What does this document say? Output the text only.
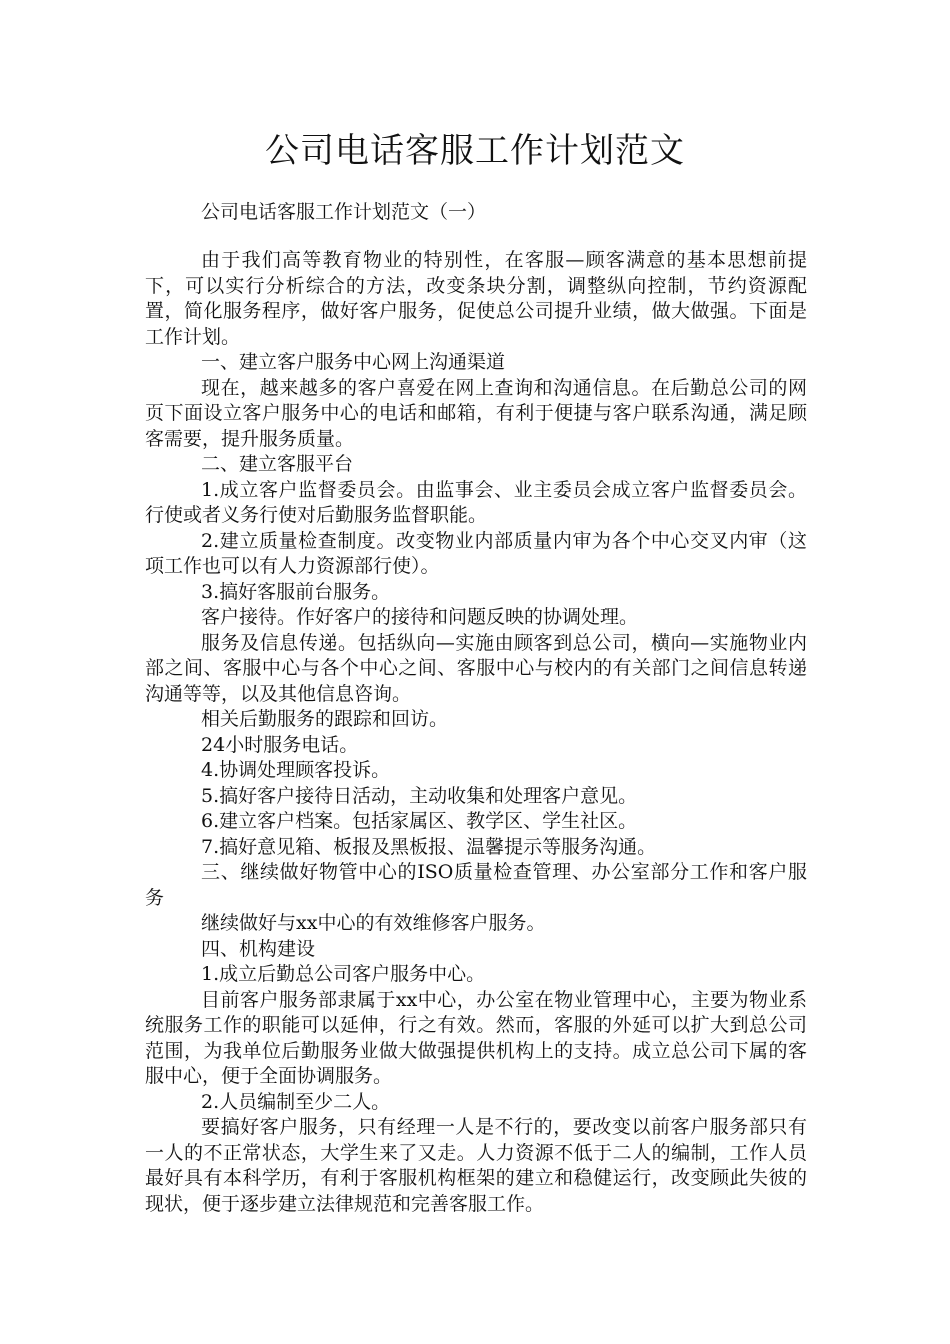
公司电话客服工作计划范文
公司电话客服工作计划范文（一）

由于我们高等教育物业的特别性，在客服—顾客满意的基本思想前提下，可以实行分析综合的方法，改变条块分割，调整纵向控制，节约资源配置，简化服务程序，做好客户服务，促使总公司提升业绩，做大做强。下面是工作计划。

一、建立客户服务中心网上沟通渠道

现在，越来越多的客户喜爱在网上查询和沟通信息。在后勤总公司的网页下面设立客户服务中心的电话和邮箱，有利于便捷与客户联系沟通，满足顾客需要，提升服务质量。

二、建立客服平台

1.成立客户监督委员会。由监事会、业主委员会成立客户监督委员会。行使或者义务行使对后勤服务监督职能。

2.建立质量检查制度。改变物业内部质量内审为各个中心交叉内审（这项工作也可以有人力资源部行使）。

3.搞好客服前台服务。

客户接待。作好客户的接待和问题反映的协调处理。

服务及信息传递。包括纵向—实施由顾客到总公司，横向—实施物业内部之间、客服中心与各个中心之间、客服中心与校内的有关部门之间信息转递沟通等等，以及其他信息咨询。

相关后勤服务的跟踪和回访。

24小时服务电话。

4.协调处理顾客投诉。

5.搞好客户接待日活动，主动收集和处理客户意见。

6.建立客户档案。包括家属区、教学区、学生社区。

7.搞好意见箱、板报及黑板报、温馨提示等服务沟通。

三、继续做好物管中心的ISO质量检查管理、办公室部分工作和客户服务

继续做好与xx中心的有效维修客户服务。

四、机构建设

1.成立后勤总公司客户服务中心。

目前客户服务部隶属于xx中心，办公室在物业管理中心，主要为物业系统服务工作的职能可以延伸，行之有效。然而，客服的外延可以扩大到总公司范围，为我单位后勤服务业做大做强提供机构上的支持。成立总公司下属的客服中心，便于全面协调服务。

2.人员编制至少二人。

要搞好客户服务，只有经理一人是不行的，要改变以前客户服务部只有一人的不正常状态，大学生来了又走。人力资源不低于二人的编制，工作人员最好具有本科学历，有利于客服机构框架的建立和稳健运行，改变顾此失彼的现状，便于逐步建立法律规范和完善客服工作。
